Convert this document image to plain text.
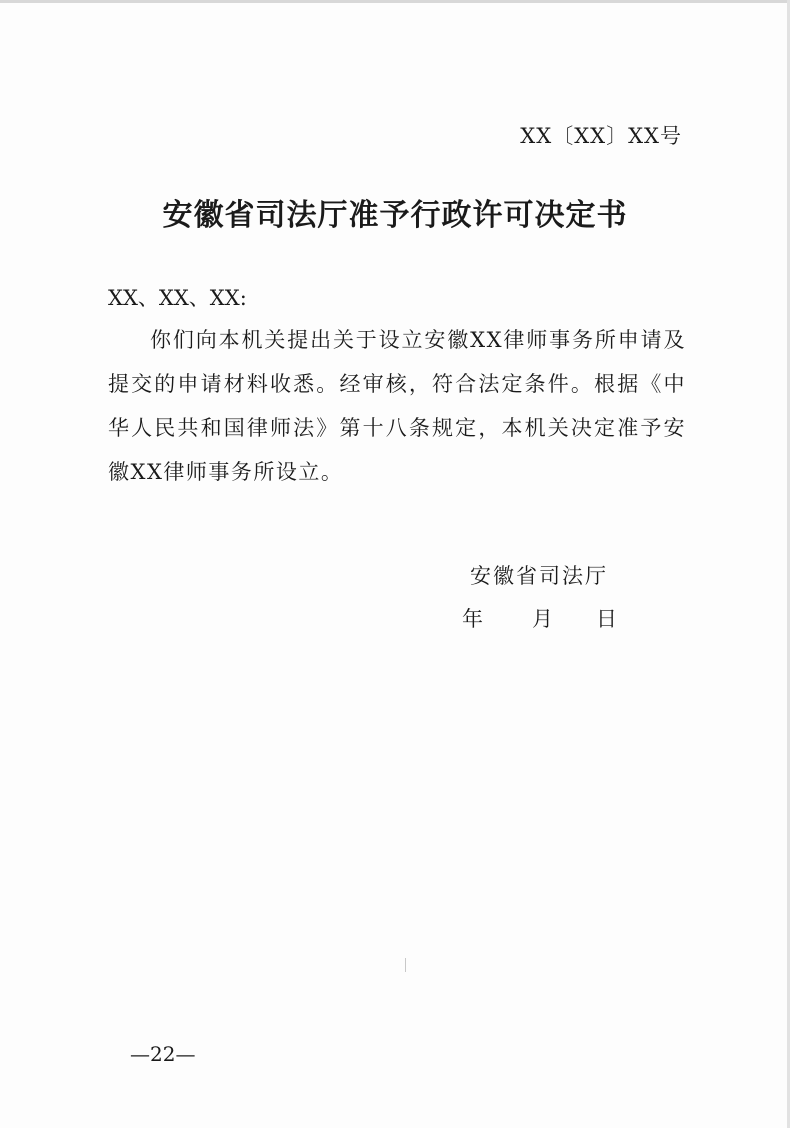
XX〔XX〕XX号
安徽省司法厅准予行政许可决定书
XX、XX、XX:
你们向本机关提出关于设立安徽XX律师事务所申请及提交的申请材料收悉。经审核，符合法定条件。根据《中华人民共和国律师法》第十八条规定，本机关决定准予安徽XX律师事务所设立。
安徽省司法厅
年 月 日
—22—
